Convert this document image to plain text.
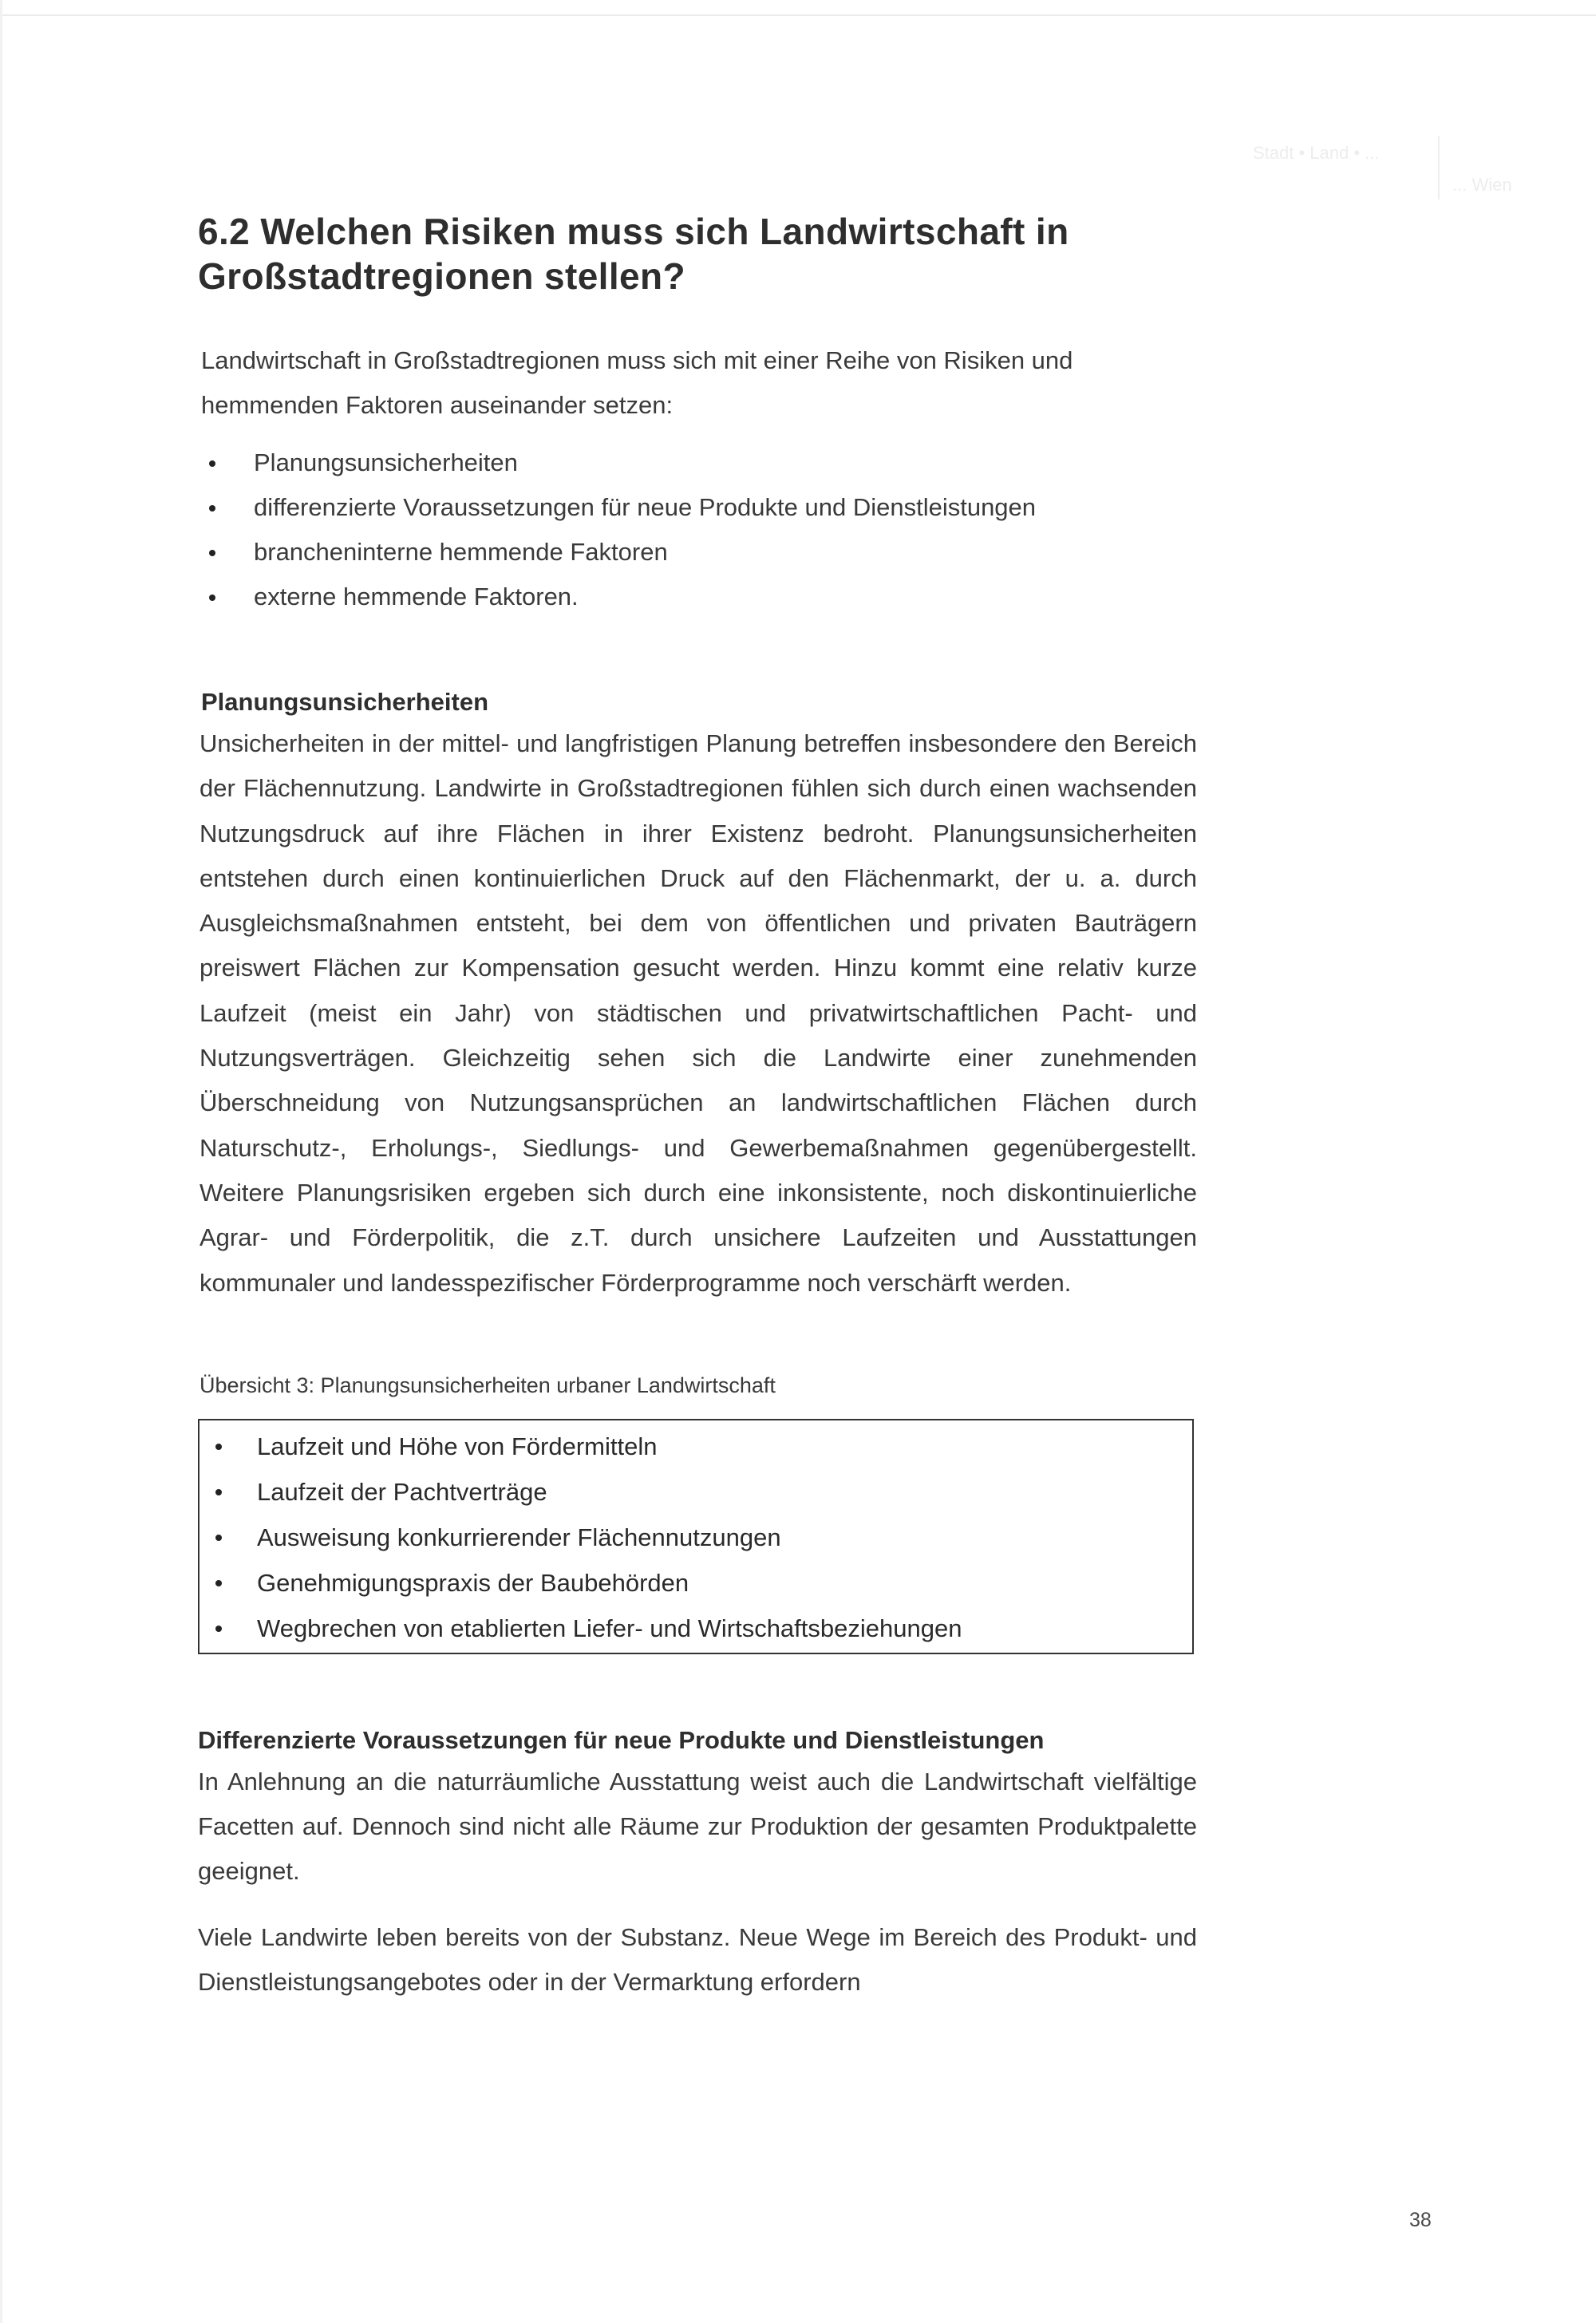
Stadt • Land • ...
... Wien
6.2 Welchen Risiken muss sich Landwirtschaft in
Großstadtregionen stellen?

Landwirtschaft in Großstadtregionen muss sich mit einer Reihe von Risiken und hemmenden Faktoren auseinander setzen:

Planungsunsicherheiten
differenzierte Voraussetzungen für neue Produkte und Dienstleistungen
brancheninterne hemmende Faktoren
externe hemmende Faktoren.
Planungsunsicherheiten

Unsicherheiten in der mittel- und langfristigen Planung betreffen insbesondere den Bereich der Flächennutzung. Landwirte in Großstadtregionen fühlen sich durch einen wachsenden Nutzungsdruck auf ihre Flächen in ihrer Existenz bedroht. Planungsunsicherheiten entstehen durch einen kontinuierlichen Druck auf den Flächenmarkt, der u. a. durch Ausgleichsmaßnahmen entsteht, bei dem von öffentlichen und privaten Bauträgern preiswert Flächen zur Kompensation gesucht werden. Hinzu kommt eine relativ kurze Laufzeit (meist ein Jahr) von städtischen und privatwirtschaftlichen Pacht- und Nutzungsverträgen. Gleichzeitig sehen sich die Landwirte einer zunehmenden Überschneidung von Nutzungsansprüchen an landwirtschaftlichen Flächen durch Naturschutz-, Erholungs-, Siedlungs- und Gewerbemaßnahmen gegenübergestellt. Weitere Planungsrisiken ergeben sich durch eine inkonsistente, noch diskontinuierliche Agrar- und Förderpolitik, die z.T. durch unsichere Laufzeiten und Ausstattungen kommunaler und landesspezifischer Förderprogramme noch verschärft werden.

Übersicht 3: Planungsunsicherheiten urbaner Landwirtschaft
Laufzeit und Höhe von Fördermitteln
Laufzeit der Pachtverträge
Ausweisung konkurrierender Flächennutzungen
Genehmigungspraxis der Baubehörden
Wegbrechen von etablierten Liefer- und Wirtschaftsbeziehungen
Differenzierte Voraussetzungen für neue Produkte und Dienstleistungen

In Anlehnung an die naturräumliche Ausstattung weist auch die Landwirtschaft vielfältige Facetten auf. Dennoch sind nicht alle Räume zur Produktion der gesamten Produktpalette geeignet.

Viele Landwirte leben bereits von der Substanz. Neue Wege im Bereich des Produkt- und Dienstleistungsangebotes oder in der Vermarktung erfordern

38
